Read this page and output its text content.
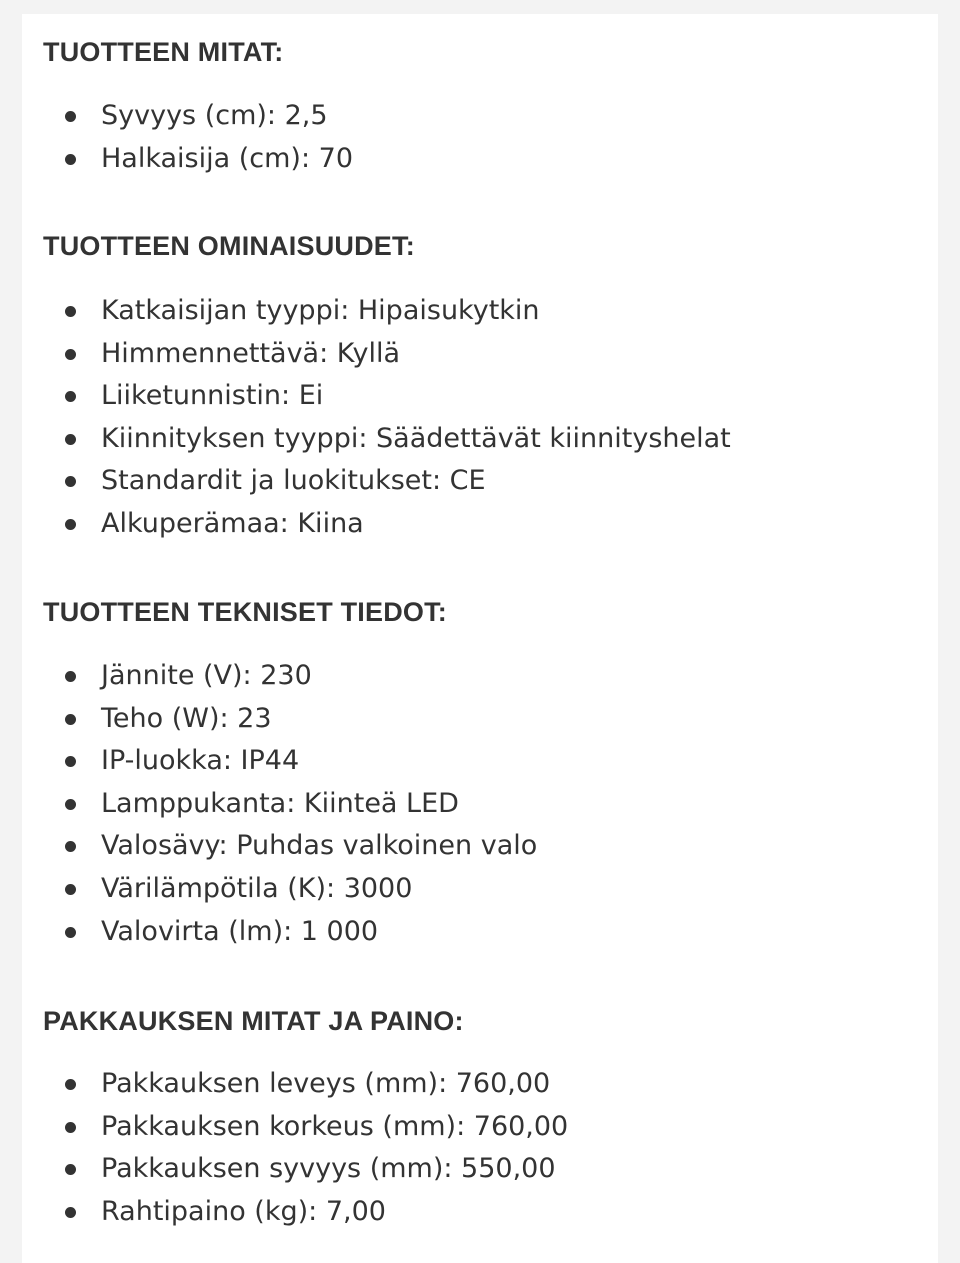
TUOTTEEN MITAT:
Syvyys (cm): 2,5
Halkaisija (cm): 70
TUOTTEEN OMINAISUUDET:
Katkaisijan tyyppi: Hipaisukytkin
Himmennettävä: Kyllä
Liiketunnistin: Ei
Kiinnityksen tyyppi: Säädettävät kiinnityshelat
Standardit ja luokitukset: CE
Alkuperämaa: Kiina
TUOTTEEN TEKNISET TIEDOT:
Jännite (V): 230
Teho (W): 23
IP-luokka: IP44
Lamppukanta: Kiinteä LED
Valosävy: Puhdas valkoinen valo
Värilämpötila (K): 3000
Valovirta (lm): 1 000
PAKKAUKSEN MITAT JA PAINO:
Pakkauksen leveys (mm): 760,00
Pakkauksen korkeus (mm): 760,00
Pakkauksen syvyys (mm): 550,00
Rahtipaino (kg): 7,00
